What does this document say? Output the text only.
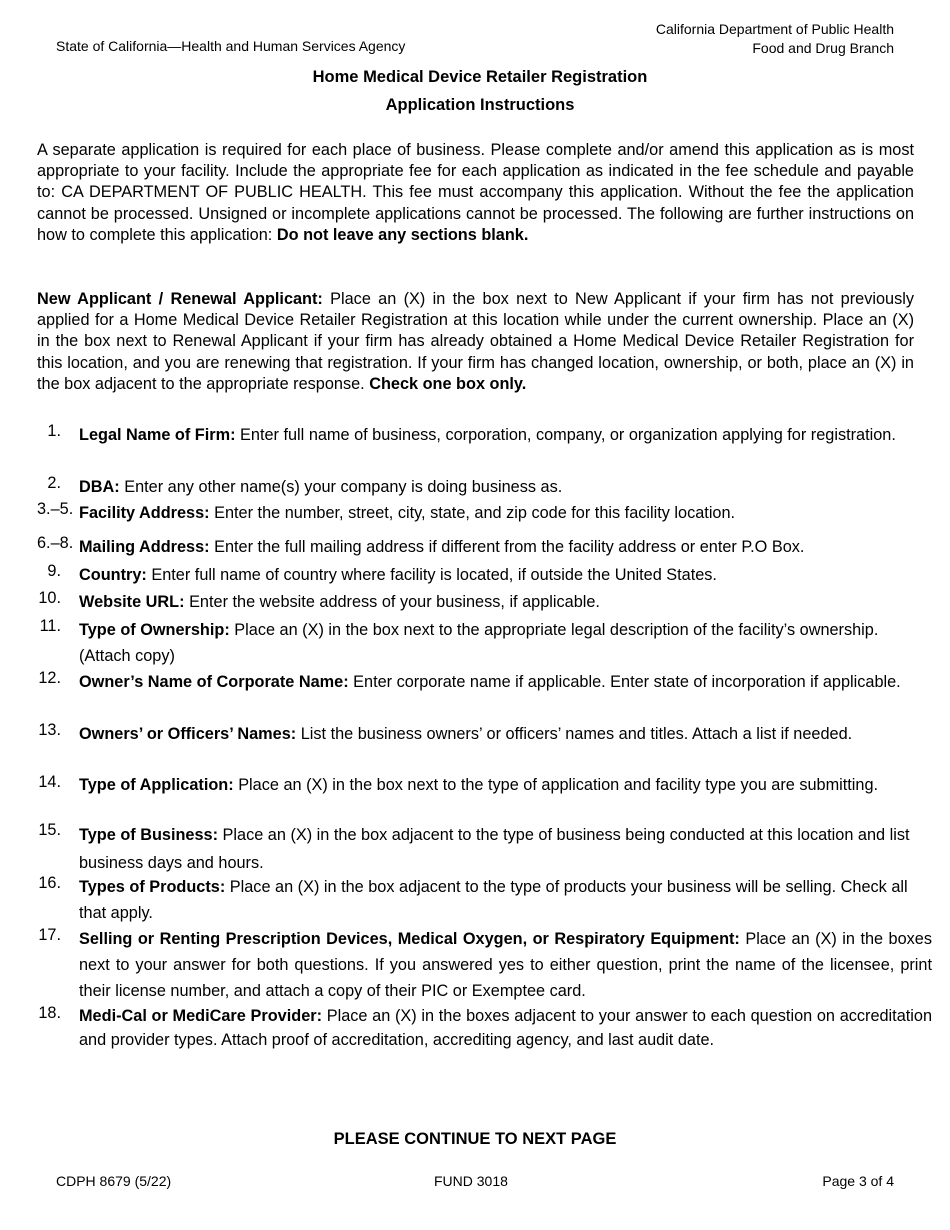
State of California—Health and Human Services Agency
California Department of Public Health
Food and Drug Branch
Home Medical Device Retailer Registration
Application Instructions
A separate application is required for each place of business. Please complete and/or amend this application as is most appropriate to your facility. Include the appropriate fee for each application as indicated in the fee schedule and payable to: CA DEPARTMENT OF PUBLIC HEALTH. This fee must accompany this application. Without the fee the application cannot be processed. Unsigned or incomplete applications cannot be processed. The following are further instructions on how to complete this application: Do not leave any sections blank.
New Applicant / Renewal Applicant: Place an (X) in the box next to New Applicant if your firm has not previously applied for a Home Medical Device Retailer Registration at this location while under the current ownership. Place an (X) in the box next to Renewal Applicant if your firm has already obtained a Home Medical Device Retailer Registration for this location, and you are renewing that registration. If your firm has changed location, ownership, or both, place an (X) in the box adjacent to the appropriate response. Check one box only.
1. Legal Name of Firm: Enter full name of business, corporation, company, or organization applying for registration.
2. DBA: Enter any other name(s) your company is doing business as.
3.–5. Facility Address: Enter the number, street, city, state, and zip code for this facility location.
6.–8. Mailing Address: Enter the full mailing address if different from the facility address or enter P.O Box.
9. Country: Enter full name of country where facility is located, if outside the United States.
10. Website URL: Enter the website address of your business, if applicable.
11. Type of Ownership: Place an (X) in the box next to the appropriate legal description of the facility’s ownership. (Attach copy)
12. Owner’s Name of Corporate Name: Enter corporate name if applicable. Enter state of incorporation if applicable.
13. Owners’ or Officers’ Names: List the business owners’ or officers’ names and titles. Attach a list if needed.
14. Type of Application: Place an (X) in the box next to the type of application and facility type you are submitting.
15. Type of Business: Place an (X) in the box adjacent to the type of business being conducted at this location and list business days and hours.
16. Types of Products: Place an (X) in the box adjacent to the type of products your business will be selling. Check all that apply.
17. Selling or Renting Prescription Devices, Medical Oxygen, or Respiratory Equipment: Place an (X) in the boxes next to your answer for both questions. If you answered yes to either question, print the name of the licensee, print their license number, and attach a copy of their PIC or Exemptee card.
18. Medi-Cal or MediCare Provider: Place an (X) in the boxes adjacent to your answer to each question on accreditation and provider types. Attach proof of accreditation, accrediting agency, and last audit date.
PLEASE CONTINUE TO NEXT PAGE
CDPH 8679 (5/22)	FUND 3018	Page 3 of 4
